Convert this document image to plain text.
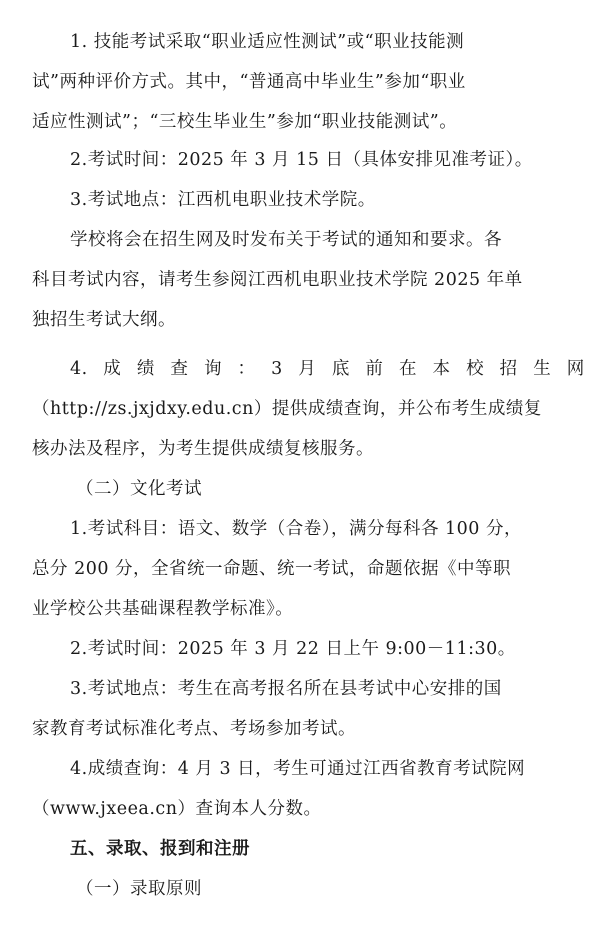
1. 技能考试采取“职业适应性测试”或“职业技能测
试”两种评价方式。其中，“普通高中毕业生”参加“职业
适应性测试”；“三校生毕业生”参加“职业技能测试”。
2.考试时间：2025 年 3 月 15 日（具体安排见准考证）。
3.考试地点：江西机电职业技术学院。
学校将会在招生网及时发布关于考试的通知和要求。各
科目考试内容，请考生参阅江西机电职业技术学院 2025 年单
独招生考试大纲。
4. 成 绩 查 询 ： 3 月 底 前 在 本 校 招 生 网
（http://zs.jxjdxy.edu.cn）提供成绩查询，并公布考生成绩复
核办法及程序，为考生提供成绩复核服务。
（二）文化考试
1.考试科目：语文、数学（合卷），满分每科各 100 分，
总分 200 分，全省统一命题、统一考试，命题依据《中等职
业学校公共基础课程教学标准》。
2.考试时间：2025 年 3 月 22 日上午 9:00－11:30。
3.考试地点：考生在高考报名所在县考试中心安排的国
家教育考试标准化考点、考场参加考试。
4.成绩查询：4 月 3 日，考生可通过江西省教育考试院网
（www.jxeea.cn）查询本人分数。
五、录取、报到和注册
（一）录取原则
